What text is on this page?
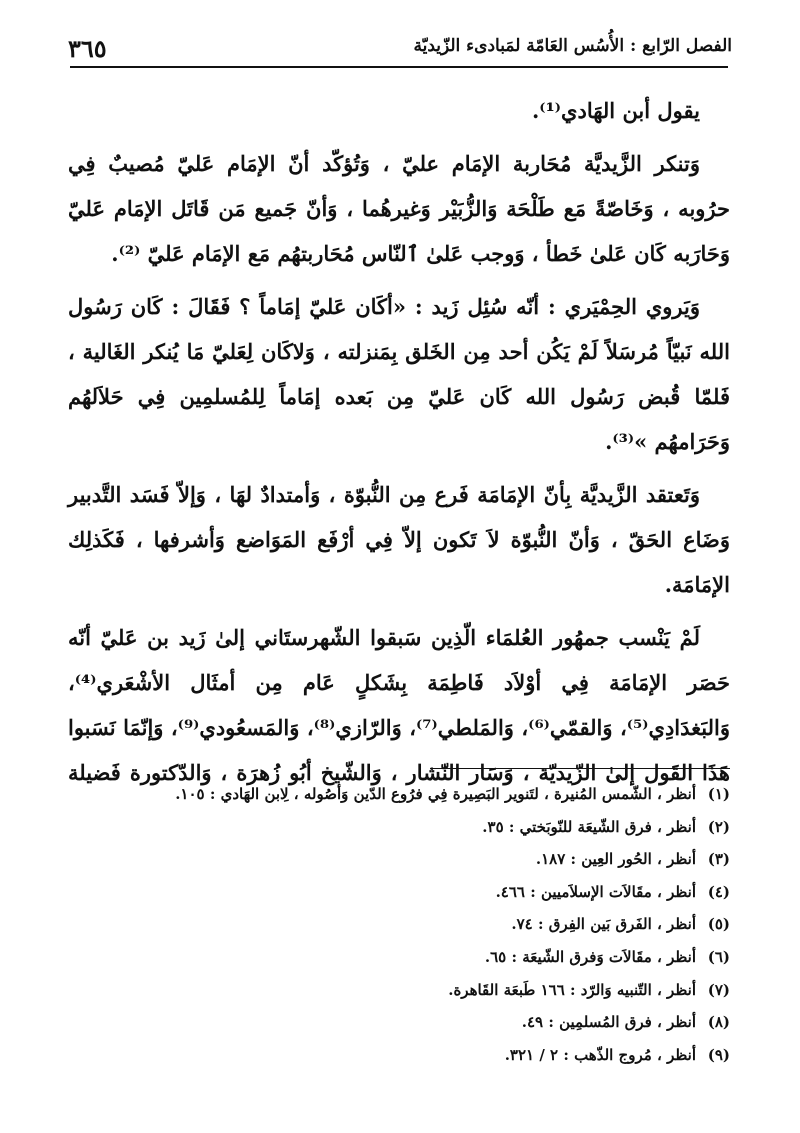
الفصل الرّابع : الأُسُس العَامّة لمَبادىء الزّيديّة
٣٦٥

يقول أبن الهَادي⁽¹⁾.

وَتنكر الزَّيديَّة مُحَاربة الإمَام عليّ ، وَتُؤكّد أنّ الإمَام عَليّ مُصيبٌ فِي حرُوبه ، وَخَاصّةً مَع طَلْحَة وَالزُّبَيْر وَغيرهُما ، وَأنّ جَميع مَن قَاتَل الإمَام عَليّ وَحَارَبه كَان عَلىٰ خَطأ ، وَوجب عَلىٰ ٱلنّاس مُحَاربتهُم مَع الإمَام عَليّ ⁽²⁾.

وَيَروي الحِمْيَري : أنّه سُئِل زَيد : «أكَان عَليّ إمَاماً ؟ فَقَالَ : كَان رَسُول الله نَبيّاً مُرسَلاً لَمْ يَكُن أحد مِن الخَلق بِمَنزلته ، وَلاكَان لِعَليّ مَا يُنكر الغَالية ، فَلمّا قُبض رَسُول الله كَان عَليّ مِن بَعده إمَاماً لِلمُسلمِين فِي حَلاَلهُم وَحَرَامهُم »⁽³⁾.

وَتَعتقد الزَّيديَّة بِأنّ الإمَامَة فَرع مِن النُّبوّة ، وَأمتدادٌ لهَا ، وَإلاّ فَسَد التَّدبير وَضَاع الحَقّ ، وَأنّ النُّبوّة لاَ تَكون إلاّ فِي أرْفَع المَوَاضع وَأشرفها ، فَكَذلِك الإمَامَة.

لَمْ يَنْسب جمهُور العُلمَاء الّذِين سَبقوا الشّهرستَاني إلىٰ زَيد بن عَليّ أنّه حَصَر الإمَامَة فِي أوْلاَد فَاطِمَة بِشَكلٍ عَام مِن أمثَال الأشْعَري⁽⁴⁾، وَالبَغدَادِي⁽⁵⁾، وَالقمّي⁽⁶⁾، وَالمَلطي⁽⁷⁾، وَالرّازي⁽⁸⁾، وَالمَسعُودي⁽⁹⁾، وَإنّمَا نَسَبوا هَذَا القَول إلىٰ الزّيديّة ، وَسَار النّشار ، وَالشّيخ أبُو زُهرَة ، وَالدّكتورة فَضيلة

(١)أنظر ، الشّمس المُنيرة ، لتَنوير البَصِيرة فِي فرُوع الدّين وَأصُوله ، لِابن الهَادي : ١٠٥.
(٢)أنظر ، فرق الشّيعَة للنّوبَختي : ٣٥.
(٣)أنظر ، الحُور العِين : ١٨٧.
(٤)أنظر ، مقَالاَت الإسلاَميين : ٤٦٦.
(٥)أنظر ، الفَرق بَين الفِرق : ٧٤.
(٦)أنظر ، مقَالاَت وَفرق الشّيعَة : ٦٥.
(٧)أنظر ، التّنبيه وَالرّد : ١٦٦ طَبعَة القَاهرة.
(٨)أنظر ، فرق المُسلمِين : ٤٩.
(٩)أنظر ، مُروج الذّهب : ٢ / ٣٢١.
